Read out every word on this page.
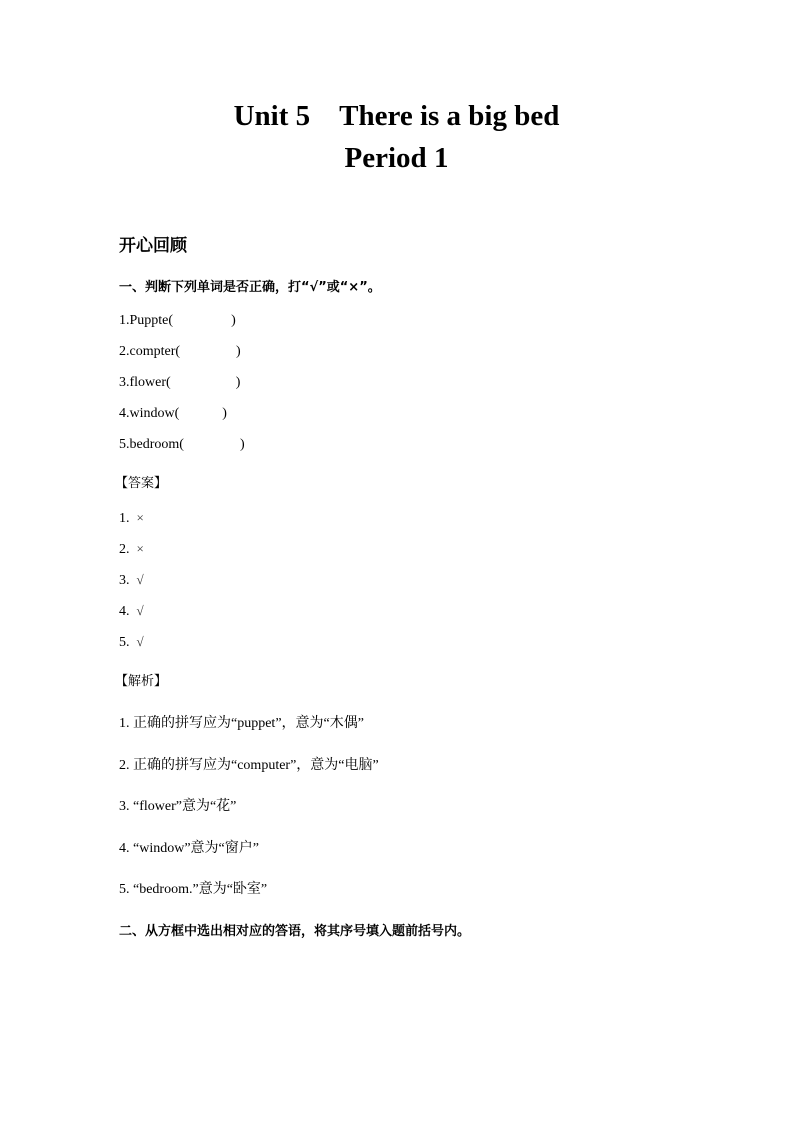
Unit 5    There is a big bed
Period 1
开心回顾
一、判断下列单词是否正确，打“√”或“×”。
1.Puppte(	)
2.compter(	)
3.flower(	)
4.window(	)
5.bedroom(	)
【答案】
1. ×
2. ×
3. √
4. √
5. √
【解析】
1. 正确的拼写应为“puppet”，意为“木偶”
2. 正确的拼写应为“computer”，意为“电脑”
3. “flower”意为“花”
4. “window”意为“窗户”
5. “bedroom.”意为“卧室”
二、从方框中选出相对应的答语，将其序号填入题前括号内。
